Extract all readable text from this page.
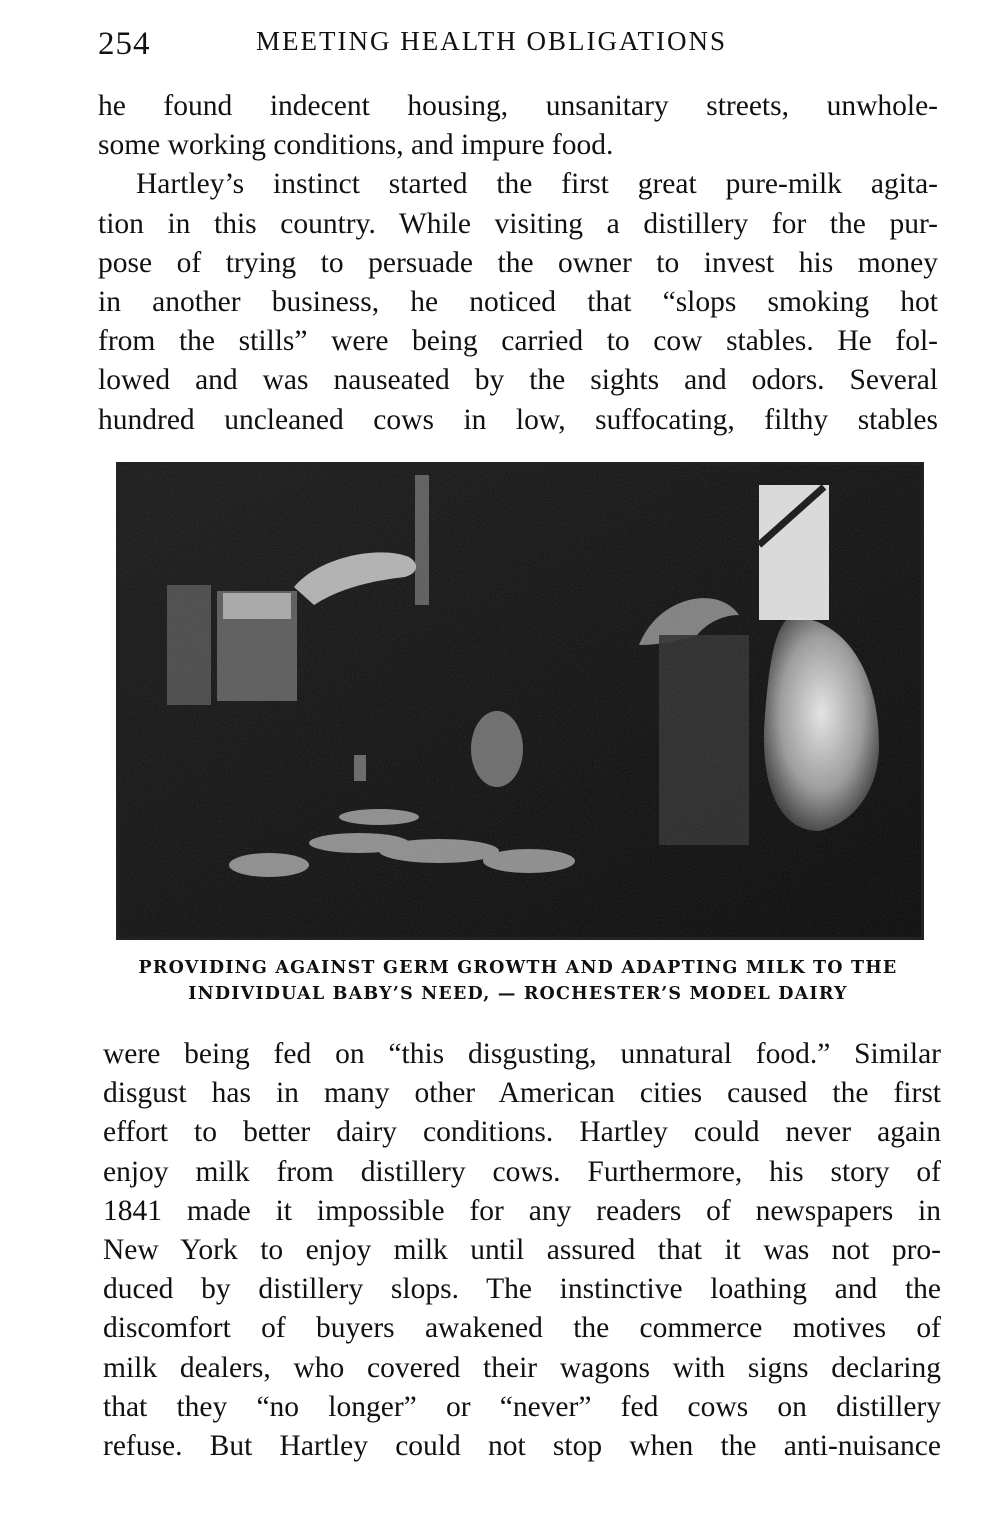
254	MEETING HEALTH OBLIGATIONS
he found indecent housing, unsanitary streets, unwhole-
some working conditions, and impure food.
Hartley’s instinct started the first great pure-milk agita-
tion in this country. While visiting a distillery for the pur-
pose of trying to persuade the owner to invest his money
in another business, he noticed that “slops smoking hot
from the stills” were being carried to cow stables. He fol-
lowed and was nauseated by the sights and odors. Several
hundred uncleaned cows in low, suffocating, filthy stables
PROVIDING AGAINST GERM GROWTH AND ADAPTING MILK TO THE
INDIVIDUAL BABY’S NEED, — ROCHESTER’S MODEL DAIRY
were being fed on “this disgusting, unnatural food.” Similar
disgust has in many other American cities caused the first
effort to better dairy conditions. Hartley could never again
enjoy milk from distillery cows. Furthermore, his story of
1841 made it impossible for any readers of newspapers in
New York to enjoy milk until assured that it was not pro-
duced by distillery slops. The instinctive loathing and the
discomfort of buyers awakened the commerce motives of
milk dealers, who covered their wagons with signs declaring
that they “no longer” or “never” fed cows on distillery
refuse. But Hartley could not stop when the anti-nuisance
